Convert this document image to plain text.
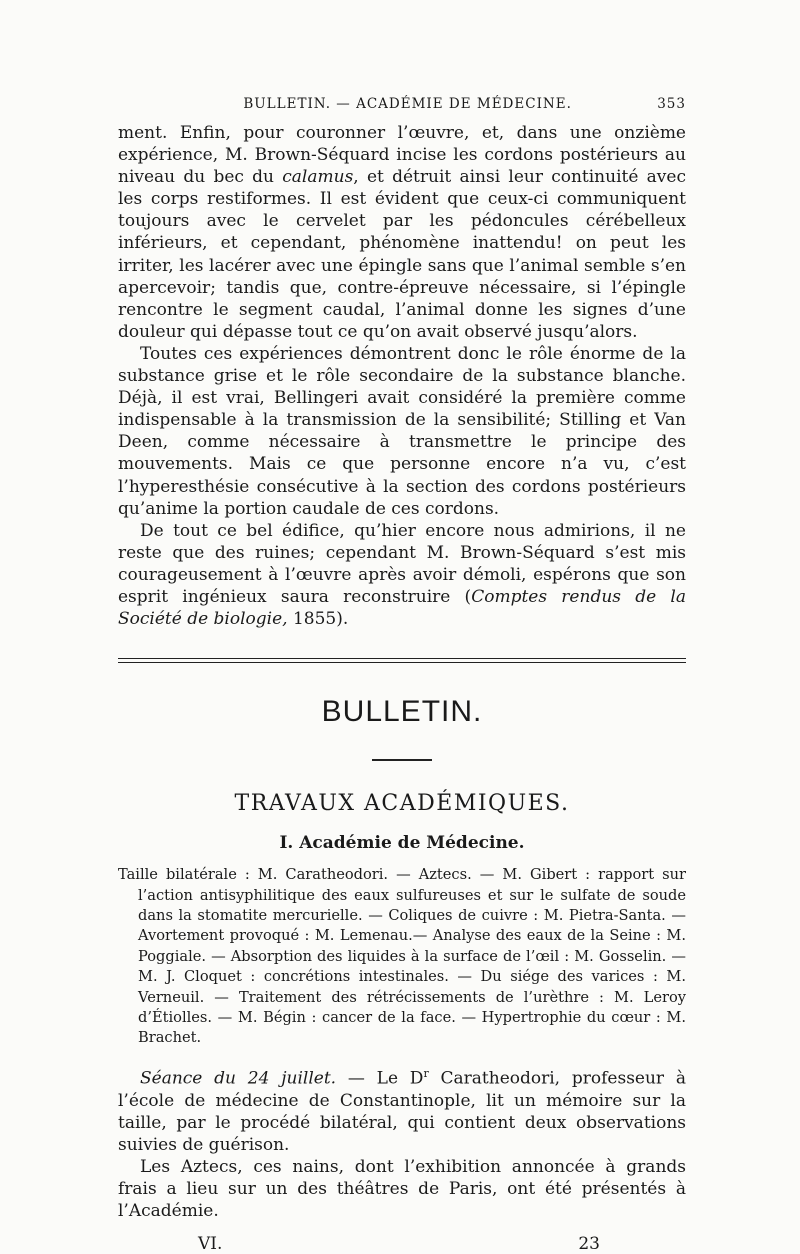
BULLETIN. — ACADÉMIE DE MÉDECINE.	353

ment. Enfin, pour couronner l’œuvre, et, dans une onzième expérience, M. Brown-Séquard incise les cordons postérieurs au niveau du bec du calamus, et détruit ainsi leur continuité avec les corps restiformes. Il est évident que ceux-ci communiquent toujours avec le cervelet par les pédoncules cérébelleux inférieurs, et cependant, phénomène inattendu! on peut les irriter, les lacérer avec une épingle sans que l’animal semble s’en apercevoir; tandis que, contre-épreuve nécessaire, si l’épingle rencontre le segment caudal, l’animal donne les signes d’une douleur qui dépasse tout ce qu’on avait observé jusqu’alors.

Toutes ces expériences démontrent donc le rôle énorme de la substance grise et le rôle secondaire de la substance blanche. Déjà, il est vrai, Bellingeri avait considéré la première comme indispensable à la transmission de la sensibilité; Stilling et Van Deen, comme nécessaire à transmettre le principe des mouvements. Mais ce que personne encore n’a vu, c’est l’hyperesthésie consécutive à la section des cordons postérieurs qu’anime la portion caudale de ces cordons.

De tout ce bel édifice, qu’hier encore nous admirions, il ne reste que des ruines; cependant M. Brown-Séquard s’est mis courageusement à l’œuvre après avoir démoli, espérons que son esprit ingénieux saura reconstruire (Comptes rendus de la Société de biologie, 1855).

BULLETIN.
TRAVAUX ACADÉMIQUES.
I. Académie de Médecine.

Taille bilatérale : M. Caratheodori. — Aztecs. — M. Gibert : rapport sur l’action antisyphilitique des eaux sulfureuses et sur le sulfate de soude dans la stomatite mercurielle. — Coliques de cuivre : M. Pietra-Santa. — Avortement provoqué : M. Lemenau.— Analyse des eaux de la Seine : M. Poggiale. — Absorption des liquides à la surface de l’œil : M. Gosselin. — M. J. Cloquet : concrétions intestinales. — Du siége des varices : M. Verneuil. — Traitement des rétrécissements de l’urèthre : M. Leroy d’Étiolles. — M. Bégin : cancer de la face. — Hypertrophie du cœur : M. Brachet.

Séance du 24 juillet. — Le $D^r$ Caratheodori, professeur à l’école de médecine de Constantinople, lit un mémoire sur la taille, par le procédé bilatéral, qui contient deux observations suivies de guérison.

Les Aztecs, ces nains, dont l’exhibition annoncée à grands frais a lieu sur un des théâtres de Paris, ont été présentés à l’Académie.

VI.	23
